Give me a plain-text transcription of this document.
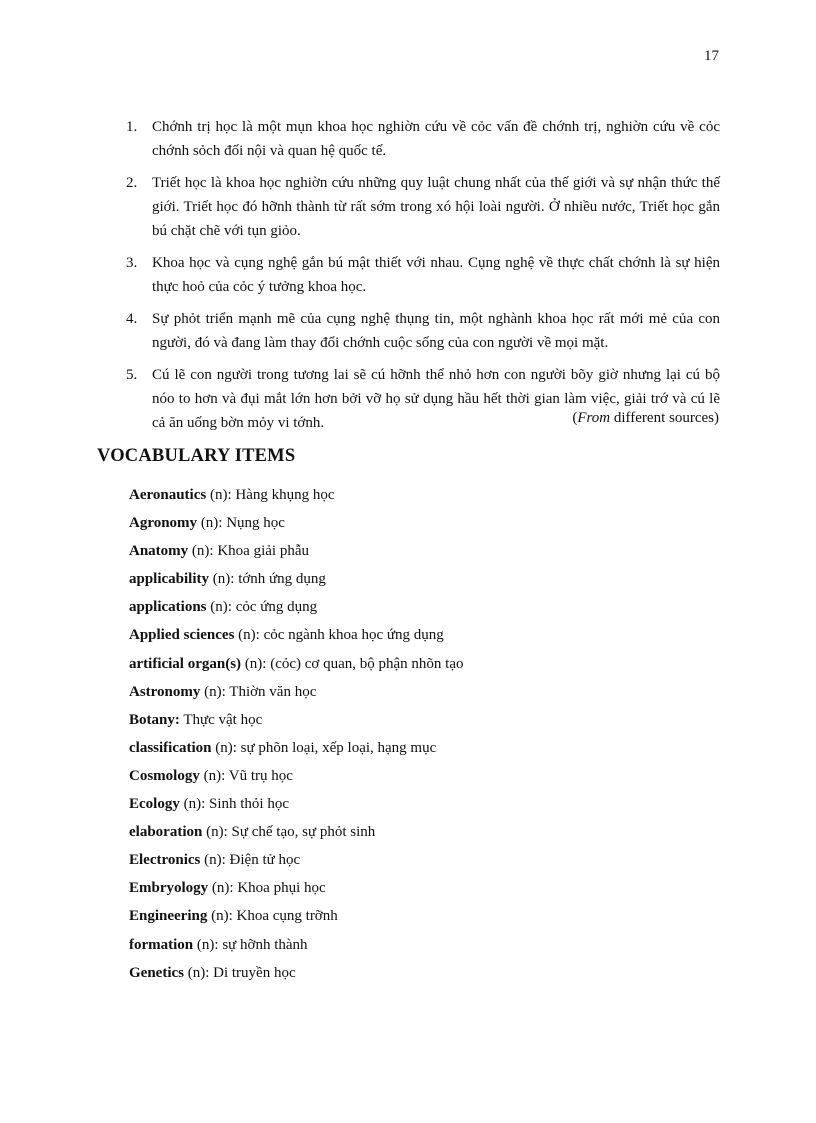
17
1. Chớnh trị học là một mụn khoa học nghiờn cứu về cỏc vấn đề chớnh trị, nghiờn cứu về cỏc chớnh sỏch đối nội và quan hệ quốc tế.
2. Triết học là khoa học nghiờn cứu những quy luật chung nhất của thế giới và sự nhận thức thế giới. Triết học đó hỡnh thành từ rất sớm trong xó hội loài người. Ở nhiều nước, Triết học gắn bú chặt chẽ với tụn giỏo.
3. Khoa học và cụng nghệ gắn bú mật thiết với nhau. Cụng nghệ về thực chất chớnh là sự hiện thực hoỏ của cỏc ý tưởng khoa học.
4. Sự phỏt triển mạnh mẽ của cụng nghệ thụng tin, một nghành khoa học rất mới mẻ của con người, đó và đang làm thay đổi chớnh cuộc sống của con người về mọi mặt.
5. Cú lẽ con người trong tương lai sẽ cú hỡnh thể nhỏ hơn con người bõy giờ nhưng lại cú bộ nóo to hơn và đụi mắt lớn hơn bởi vỡ họ sử dụng hầu hết thời gian làm việc, giải trớ và cú lẽ cả ăn uống bờn mỏy vi tớnh.	(From different sources)
VOCABULARY ITEMS
Aeronautics (n): Hàng khụng học
Agronomy (n): Nụng học
Anatomy (n): Khoa giải phẫu
applicability (n): tớnh ứng dụng
applications (n): cỏc ứng dụng
Applied sciences (n): cỏc ngành khoa học ứng dụng
artificial organ(s) (n): (cỏc) cơ quan, bộ phận nhõn tạo
Astronomy (n): Thiờn văn học
Botany: Thực vật học
classification (n): sự phõn loại, xếp loại, hạng mục
Cosmology (n): Vũ trụ học
Ecology (n): Sinh thỏi học
elaboration (n): Sự chế tạo, sự phỏt sinh
Electronics (n): Điện tử học
Embryology (n): Khoa phụi học
Engineering (n): Khoa cụng trỡnh
formation (n): sự hỡnh thành
Genetics (n): Di truyền học
